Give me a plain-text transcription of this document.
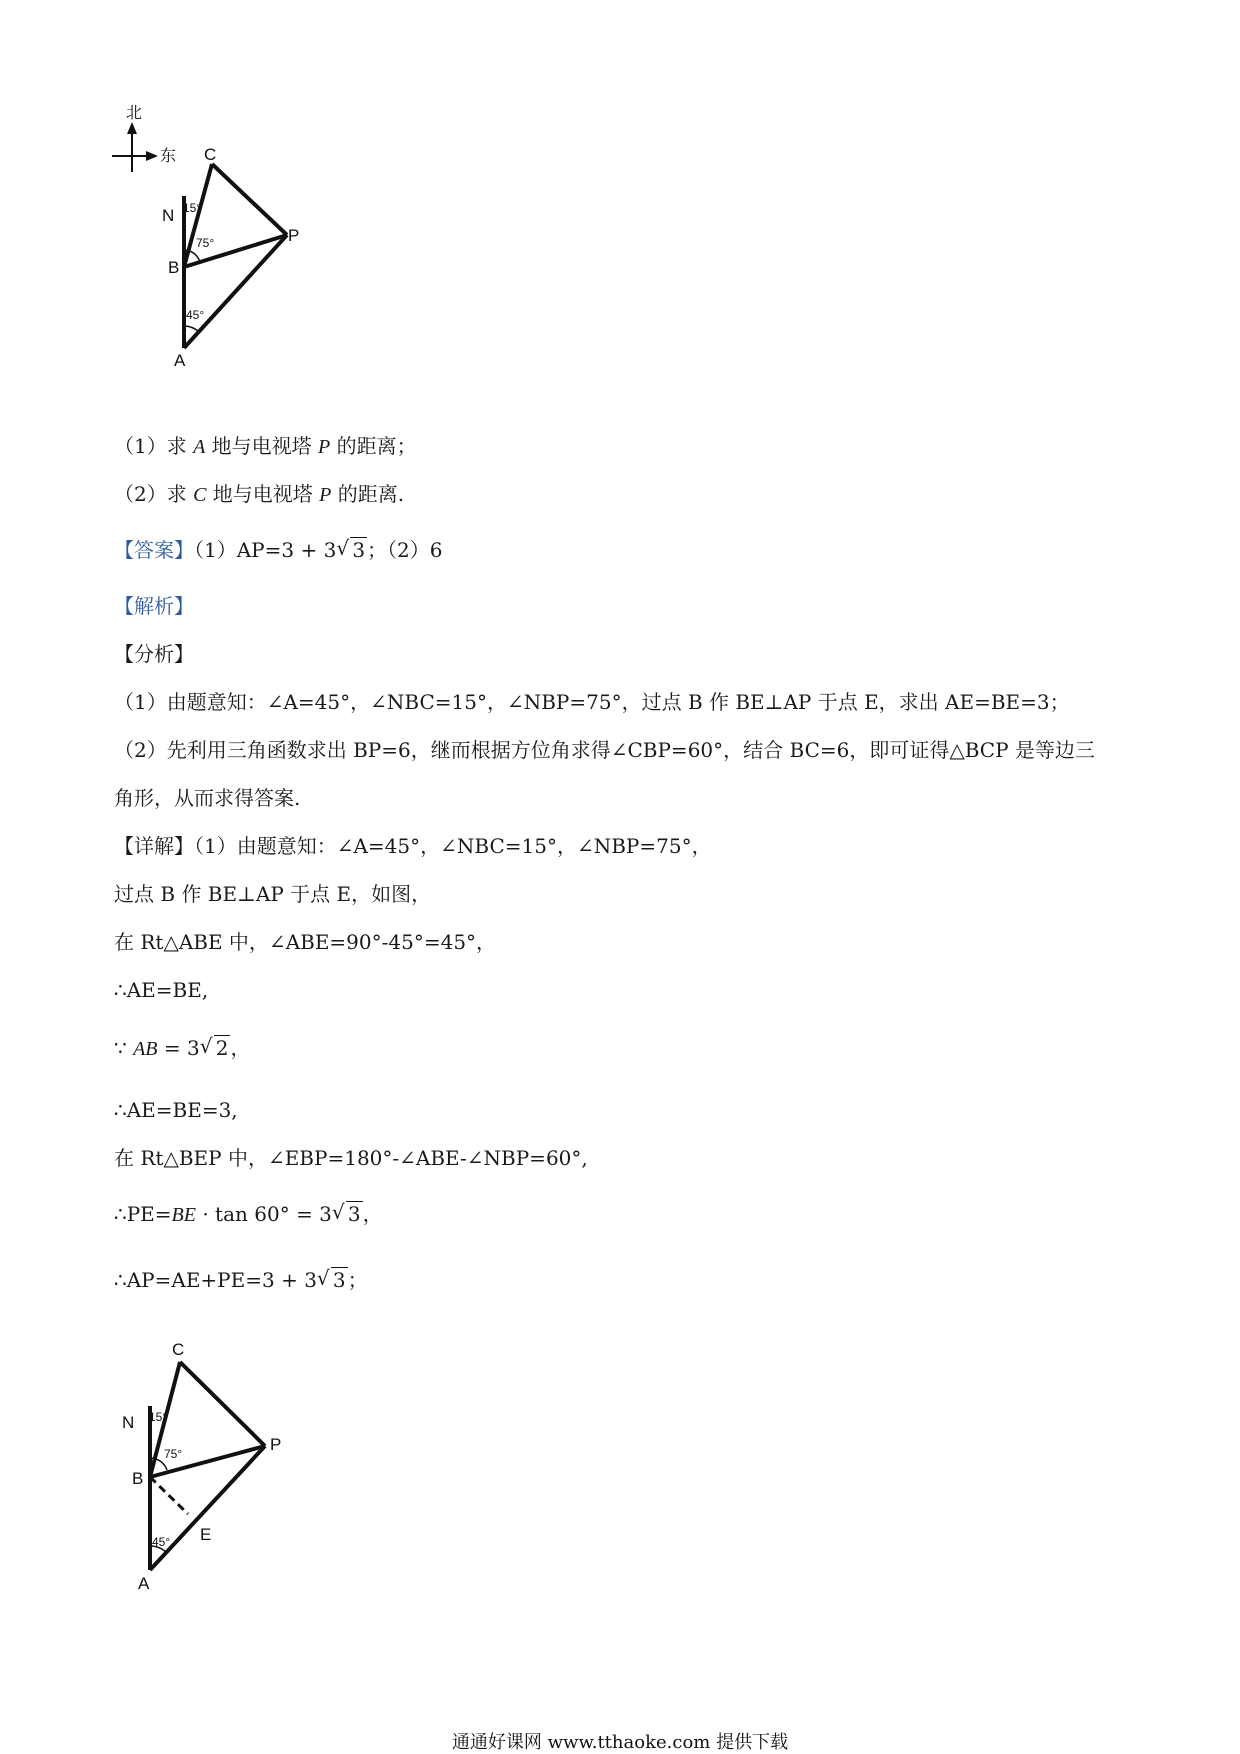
北
东 C
N
B
P
A
15°
75°
45°
（1）求 A 地与电视塔 P 的距离；
（2）求 C 地与电视塔 P 的距离.
【答案】（1）AP=3 + 3 √ 3 ；（2）6
【解析】
【分析】
（1）由题意知：∠A=45°，∠NBC=15°，∠NBP=75°，过点 B 作 BE⊥AP 于点 E，求出 AE=BE=3；
（2）先利用三角函数求出 BP=6，继而根据方位角求得∠CBP=60°，结合 BC=6，即可证得△BCP 是等边三
角形，从而求得答案.
【详解】（1）由题意知：∠A=45°，∠NBC=15°，∠NBP=75°，
过点 B 作 BE⊥AP 于点 E，如图，
在 Rt△ABE 中，∠ABE=90°-45°=45°，
∴AE=BE,
∵ AB = 3 √ 2 ，
∴AE=BE=3,
在 Rt△BEP 中，∠EBP=180°-∠ABE-∠NBP=60°,
∴PE=BE · tan 60° = 3 √ 3 ，
∴AP=AE+PE=3 + 3 √ 3 ；
C
N
B
P
A
E
15°
75°
45°
通通好课网 www.tthaoke.com 提供下载
